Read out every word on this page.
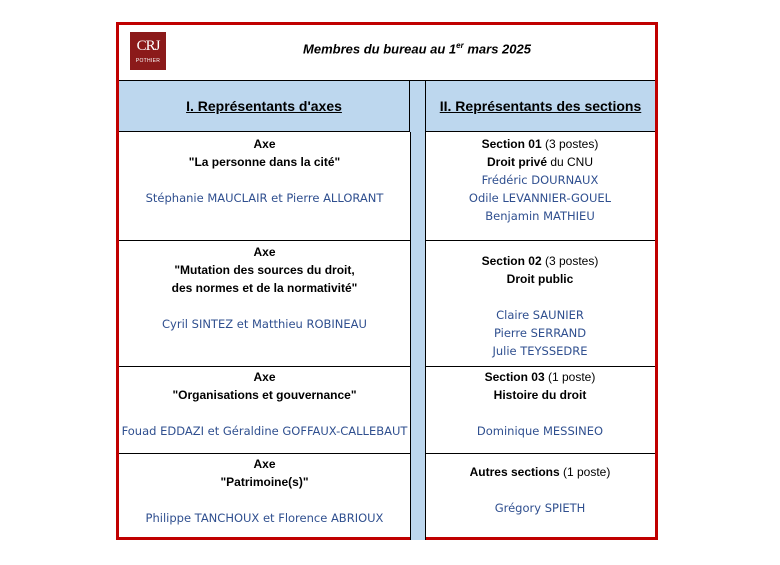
CRJ
POTHIER
Membres du bureau au 1er mars 2025
I. Représentants d'axes	II. Représentants des sections
Axe
"La personne dans la cité"
Stéphanie MAUCLAIR et Pierre ALLORANT
Section 01 (3 postes)
Droit privé du CNU
Frédéric DOURNAUX
Odile LEVANNIER-GOUEL
Benjamin MATHIEU
Axe
"Mutation des sources du droit,
des normes et de la normativité"
Cyril SINTEZ et Matthieu ROBINEAU
Section 02 (3 postes)
Droit public
Claire SAUNIER
Pierre SERRAND
Julie TEYSSEDRE
Axe
"Organisations et gouvernance"
Fouad EDDAZI et Géraldine GOFFAUX-CALLEBAUT
Section 03 (1 poste)
Histoire du droit
Dominique MESSINEO
Axe
"Patrimoine(s)"
Philippe TANCHOUX et Florence ABRIOUX
Autres sections (1 poste)
Grégory SPIETH
